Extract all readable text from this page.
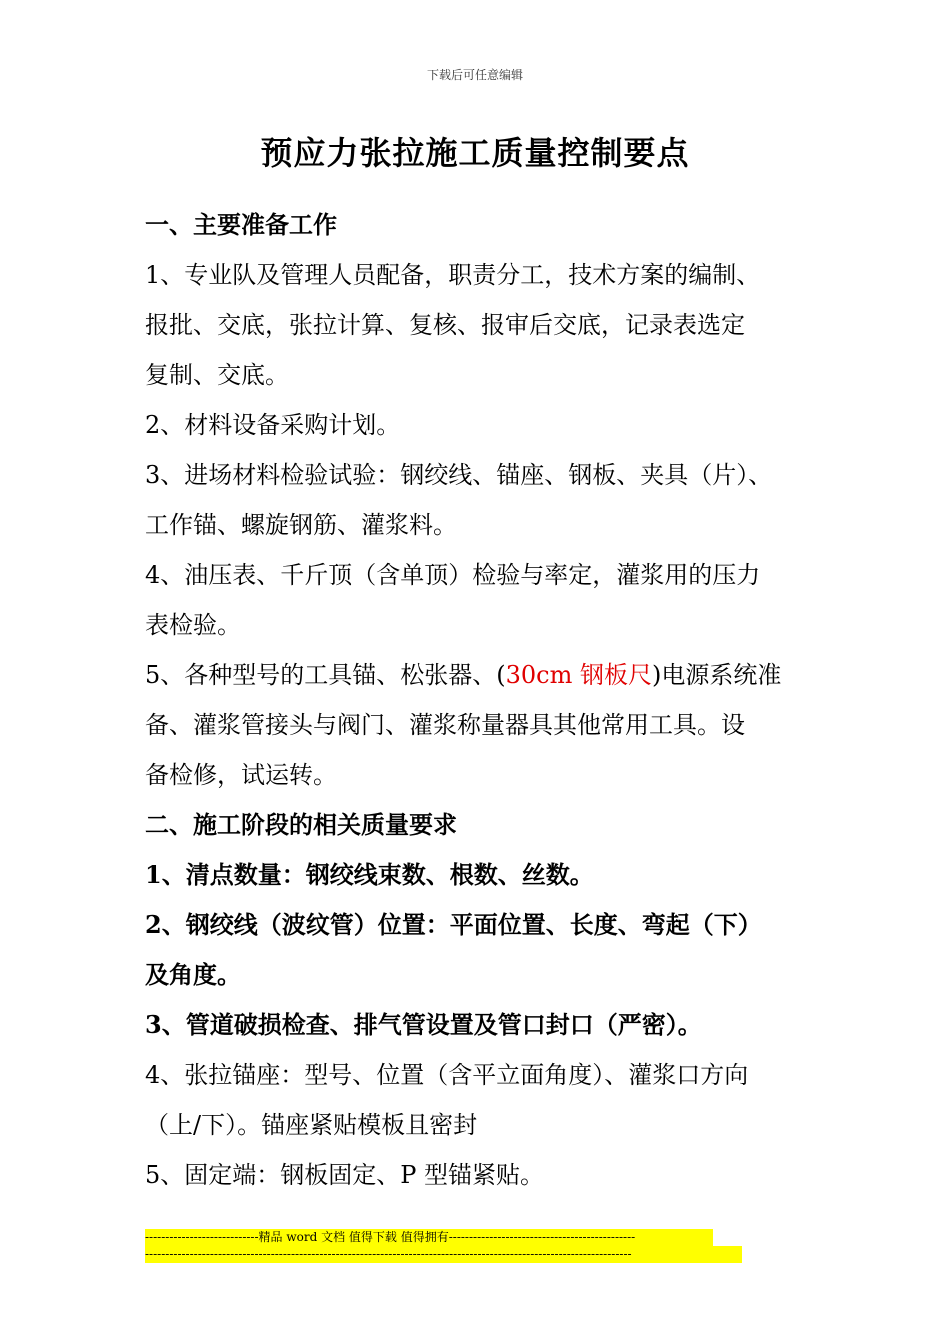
下载后可任意编辑
预应力张拉施工质量控制要点
一、主要准备工作
1、专业队及管理人员配备，职责分工，技术方案的编制、
报批、交底，张拉计算、复核、报审后交底，记录表选定
复制、交底。
2、材料设备采购计划。
3、进场材料检验试验：钢绞线、锚座、钢板、夹具（片）、
工作锚、螺旋钢筋、灌浆料。
4、油压表、千斤顶（含单顶）检验与率定，灌浆用的压力
表检验。
5、各种型号的工具锚、松张器、(30cm 钢板尺)电源系统准
备、灌浆管接头与阀门、灌浆称量器具其他常用工具。设
备检修，试运转。
二、施工阶段的相关质量要求
1、清点数量：钢绞线束数、根数、丝数。
2、钢绞线（波纹管）位置：平面位置、长度、弯起（下）
及角度。
3、管道破损检查、排气管设置及管口封口（严密）。
4、张拉锚座：型号、位置（含平立面角度）、灌浆口方向
（上/下）。锚座紧贴模板且密封
5、固定端：钢板固定、P 型锚紧贴。
----------------------------精品 word 文档 值得下载 值得拥有----------------------------------------------
------------------------------------------------------------------------------------------------------------------------
